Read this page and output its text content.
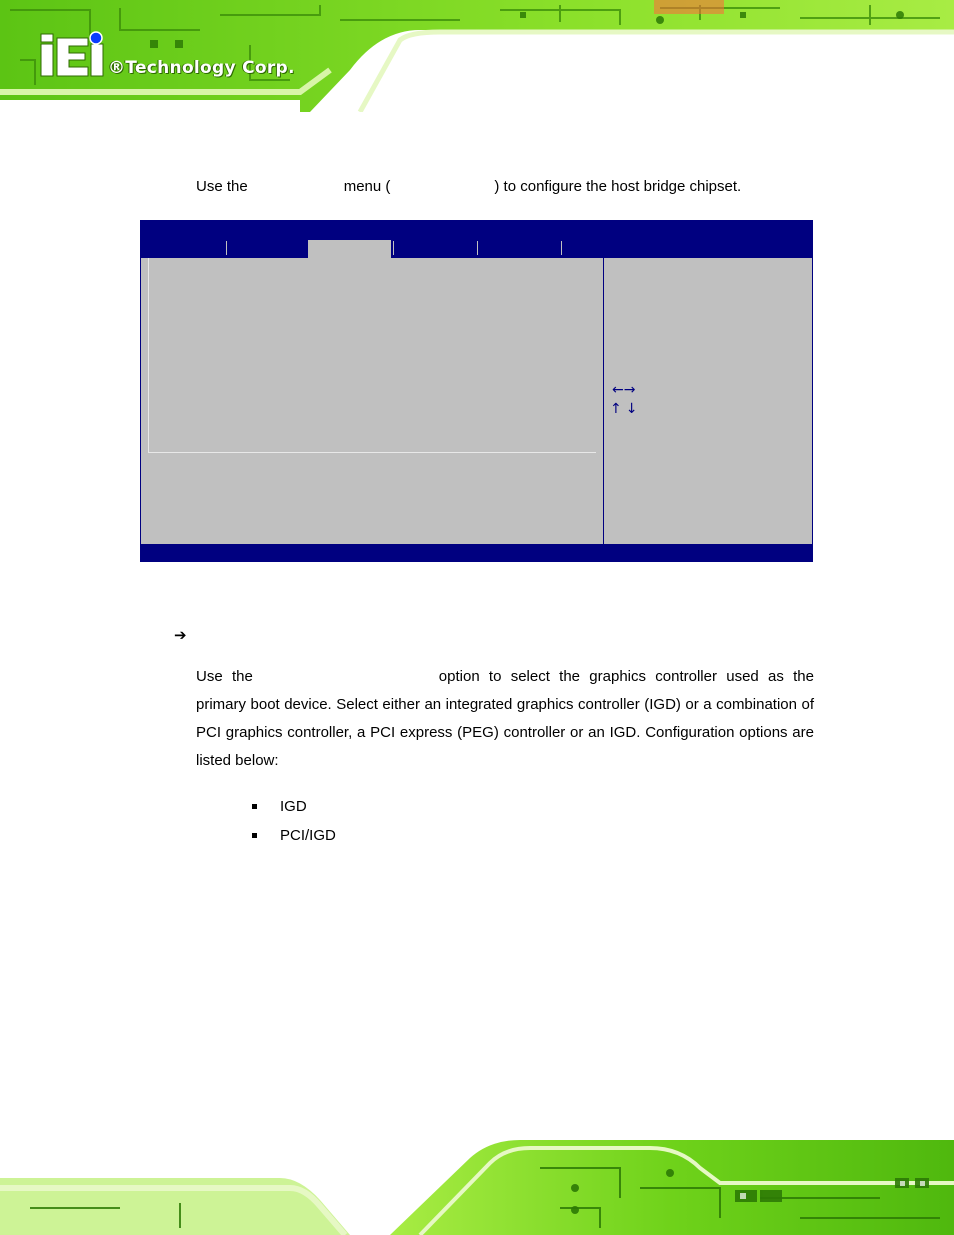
®Technology Corp.
Use the	menu (	) to configure the host bridge chipset.
←→
↑↓
➔

Use the	option to select the graphics controller used as the primary boot device. Select either an integrated graphics controller (IGD) or a combination of PCI graphics controller, a PCI express (PEG) controller or an IGD. Configuration options are listed below:

IGD
PCI/IGD
